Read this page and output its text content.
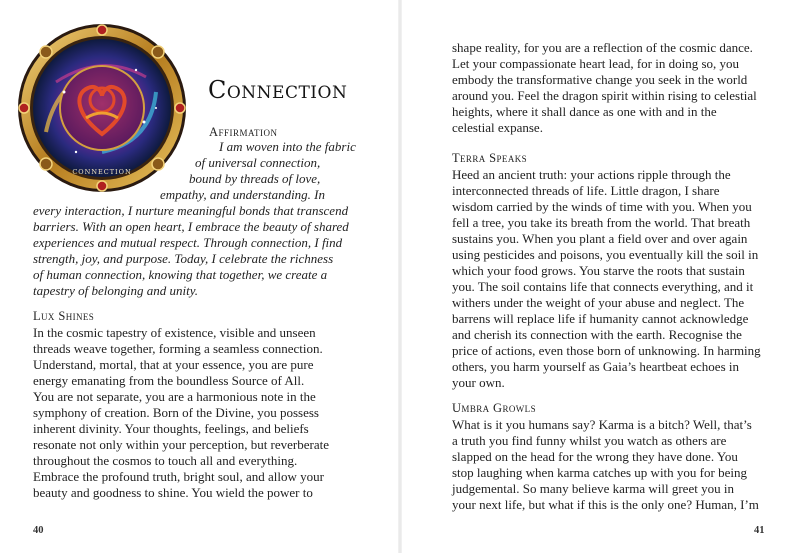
CONNECTION
Connection
Affirmation
I am woven into the fabric
of universal connection,
bound by threads of love,
empathy, and understanding. In
every interaction, I nurture meaningful bonds that transcend
barriers. With an open heart, I embrace the beauty of shared
experiences and mutual respect. Through connection, I find
strength, joy, and purpose. Today, I celebrate the richness
of human connection, knowing that together, we create a
tapestry of belonging and unity.
Lux Shines
In the cosmic tapestry of existence, visible and unseen
threads weave together, forming a seamless connection.
Understand, mortal, that at your essence, you are pure
energy emanating from the boundless Source of All.
You are not separate, you are a harmonious note in the
symphony of creation. Born of the Divine, you possess
inherent divinity. Your thoughts, feelings, and beliefs
resonate not only within your perception, but reverberate
throughout the cosmos to touch all and everything.
Embrace the profound truth, bright soul, and allow your
beauty and goodness to shine. You wield the power to
40
shape reality, for you are a reflection of the cosmic dance.
Let your compassionate heart lead, for in doing so, you
embody the transformative change you seek in the world
around you. Feel the dragon spirit within rising to celestial
heights, where it shall dance as one with and in the
celestial expanse.
Terra Speaks
Heed an ancient truth: your actions ripple through the
interconnected threads of life. Little dragon, I share
wisdom carried by the winds of time with you. When you
fell a tree, you take its breath from the world. That breath
sustains you. When you plant a field over and over again
using pesticides and poisons, you eventually kill the soil in
which your food grows. You starve the roots that sustain
you. The soil contains life that connects everything, and it
withers under the weight of your abuse and neglect. The
barrens will replace life if humanity cannot acknowledge
and cherish its connection with the earth. Recognise the
price of actions, even those born of unknowing. In harming
others, you harm yourself as Gaia’s heartbeat echoes in
your own.
Umbra Growls
What is it you humans say? Karma is a bitch? Well, that’s
a truth you find funny whilst you watch as others are
slapped on the head for the wrong they have done. You
stop laughing when karma catches up with you for being
judgemental. So many believe karma will greet you in
your next life, but what if this is the only one? Human, I’m
41
